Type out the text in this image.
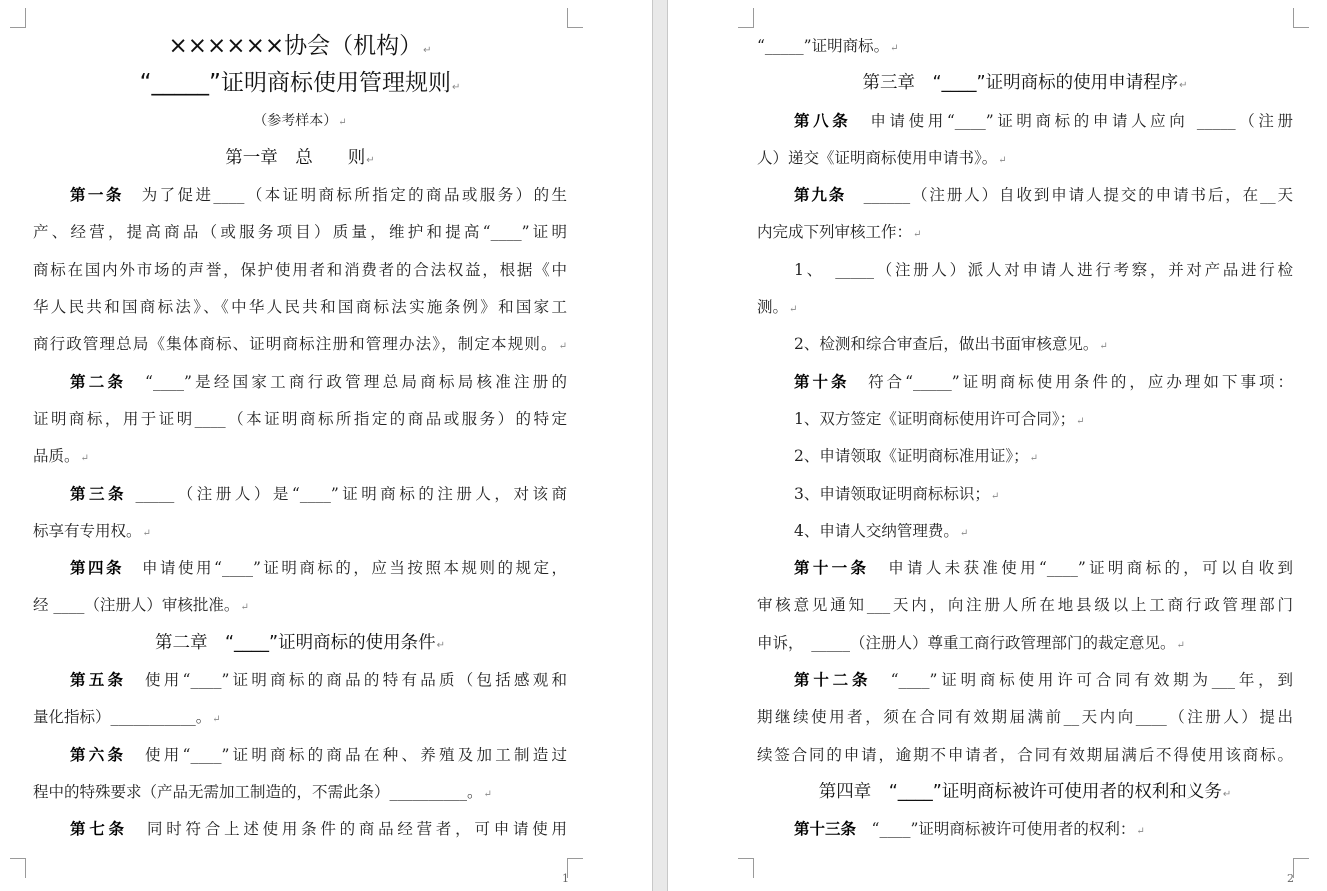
××××××协会（机构） ↵
“_____”证明商标使用管理规则 ↵
（参考样本） ↵
第一章　总　　则 ↵
第一条　为了促进____（本证明商标所指定的商品或服务）的生
产、经营，提高商品（或服务项目）质量，维护和提高“____”证明
商标在国内外市场的声誉，保护使用者和消费者的合法权益，根据《中
华人民共和国商标法》、《中华人民共和国商标法实施条例》和国家工
商行政管理总局《集体商标、证明商标注册和管理办法》，制定本规则。 ↵
第二条　“____”是经国家工商行政管理总局商标局核准注册的
证明商标，用于证明____（本证明商标所指定的商品或服务）的特定
品质。 ↵
第三条 _____（注册人）是“____”证明商标的注册人，对该商
标享有专用权。 ↵
第四条　申请使用“____”证明商标的，应当按照本规则的规定，
经 ____（注册人）审核批准。 ↵
第二章　“____”证明商标的使用条件 ↵
第五条　使用“____”证明商标的商品的特有品质（包括感观和
量化指标）___________。 ↵
第六条　使用“____”证明商标的商品在种、养殖及加工制造过
程中的特殊要求（产品无需加工制造的，不需此条）__________。 ↵
第七条　同时符合上述使用条件的商品经营者，可申请使用
1
“_____”证明商标。 ↵
第三章　“____”证明商标的使用申请程序 ↵
第八条　申请使用“____”证明商标的申请人应向 _____（注册
人）递交《证明商标使用申请书》。 ↵
第九条　______（注册人）自收到申请人提交的申请书后，在__天
内完成下列审核工作： ↵
1、　_____（注册人）派人对申请人进行考察，并对产品进行检
测。 ↵
2、检测和综合审查后，做出书面审核意见。 ↵
第十条　符合“_____”证明商标使用条件的，应办理如下事项：
1、双方签定《证明商标使用许可合同》； ↵
2、申请领取《证明商标准用证》； ↵
3、申请领取证明商标标识； ↵
4、申请人交纳管理费。 ↵
第十一条　申请人未获准使用“____”证明商标的，可以自收到
审核意见通知___天内，向注册人所在地县级以上工商行政管理部门
申诉，　_____（注册人）尊重工商行政管理部门的裁定意见。 ↵
第十二条　“____”证明商标使用许可合同有效期为___年，到
期继续使用者，须在合同有效期届满前__天内向____（注册人）提出
续签合同的申请，逾期不申请者，合同有效期届满后不得使用该商标。
第四章　“____”证明商标被许可使用者的权利和义务 ↵
第十三条　“____”证明商标被许可使用者的权利： ↵
2
